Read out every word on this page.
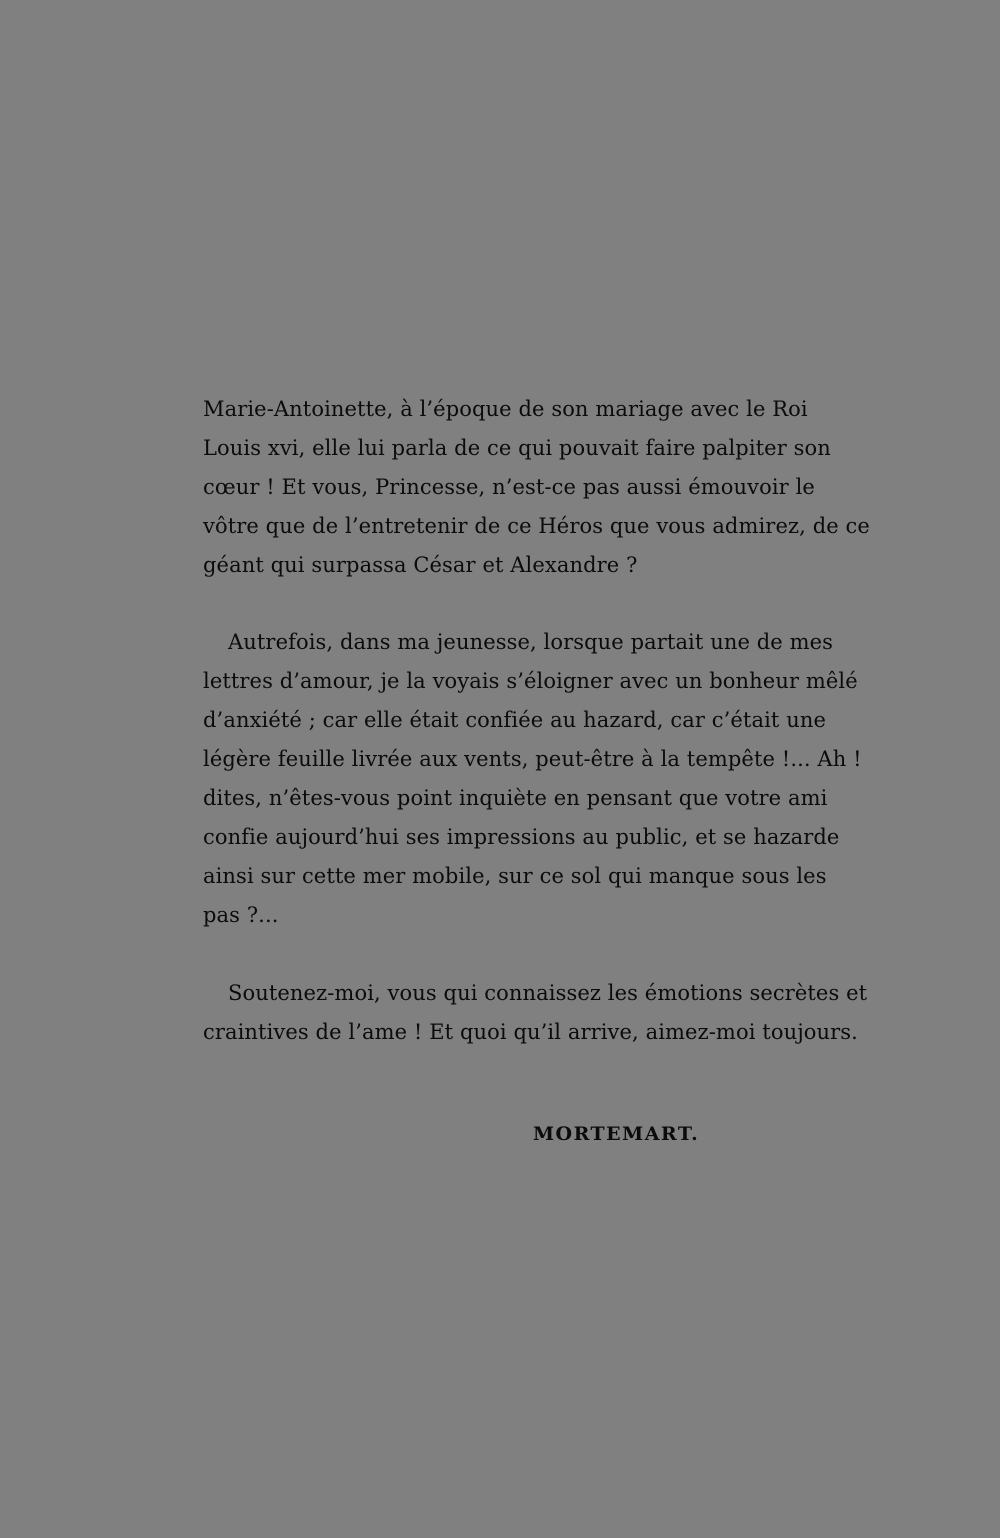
Marie-Antoinette, à l’époque de son mariage avec le Roi
Louis xvi, elle lui parla de ce qui pouvait faire palpiter son
cœur ! Et vous, Princesse, n’est-ce pas aussi émouvoir le
vôtre que de l’entretenir de ce Héros que vous admirez, de ce
géant qui surpassa César et Alexandre ?
Autrefois, dans ma jeunesse, lorsque partait une de mes
lettres d’amour, je la voyais s’éloigner avec un bonheur mêlé
d’anxiété ; car elle était confiée au hazard, car c’était une
légère feuille livrée aux vents, peut-être à la tempête !... Ah !
dites, n’êtes-vous point inquiète en pensant que votre ami
confie aujourd’hui ses impressions au public, et se hazarde
ainsi sur cette mer mobile, sur ce sol qui manque sous les
pas ?...
Soutenez-moi, vous qui connaissez les émotions secrètes et
craintives de l’ame ! Et quoi qu’il arrive, aimez-moi toujours.
MORTEMART.
